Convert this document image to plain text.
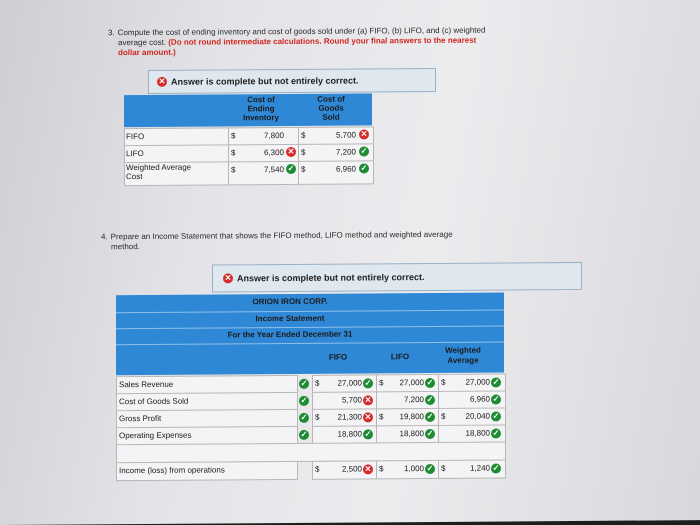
3. Compute the cost of ending inventory and cost of goods sold under (a) FIFO, (b) LIFO, and (c) weighted
average cost. (Do not round intermediate calculations. Round your final answers to the nearest
dollar amount.)
✕ Answer is complete but not entirely correct.
Cost of
Ending
Inventory
Cost of
Goods
Sold
FIFO	$	7,800 $	5,700 ✕
LIFO	$	6,300 ✕ $	7,200 ✓
Weighted Average
Cost
$	7,540 ✓ $	6,960 ✓
4. Prepare an Income Statement that shows the FIFO method, LIFO method and weighted average
method.
✕ Answer is complete but not entirely correct.
ORION IRON CORP.
Income Statement
For the Year Ended December 31
FIFO	LIFO
Weighted
Average
Sales Revenue	✓ $	27,000 ✓ $	27,000 ✓ $	27,000 ✓
Cost of Goods Sold	✓	5,700 ✕	7,200 ✓	6,960 ✓
Gross Profit	✓ $	21,300 ✕ $	19,800 ✓ $	20,040 ✓
Operating Expenses	✓	18,800 ✓	18,800 ✓	18,800 ✓
Income (loss) from operations	$	2,500 ✕ $	1,000 ✓ $	1,240 ✓
